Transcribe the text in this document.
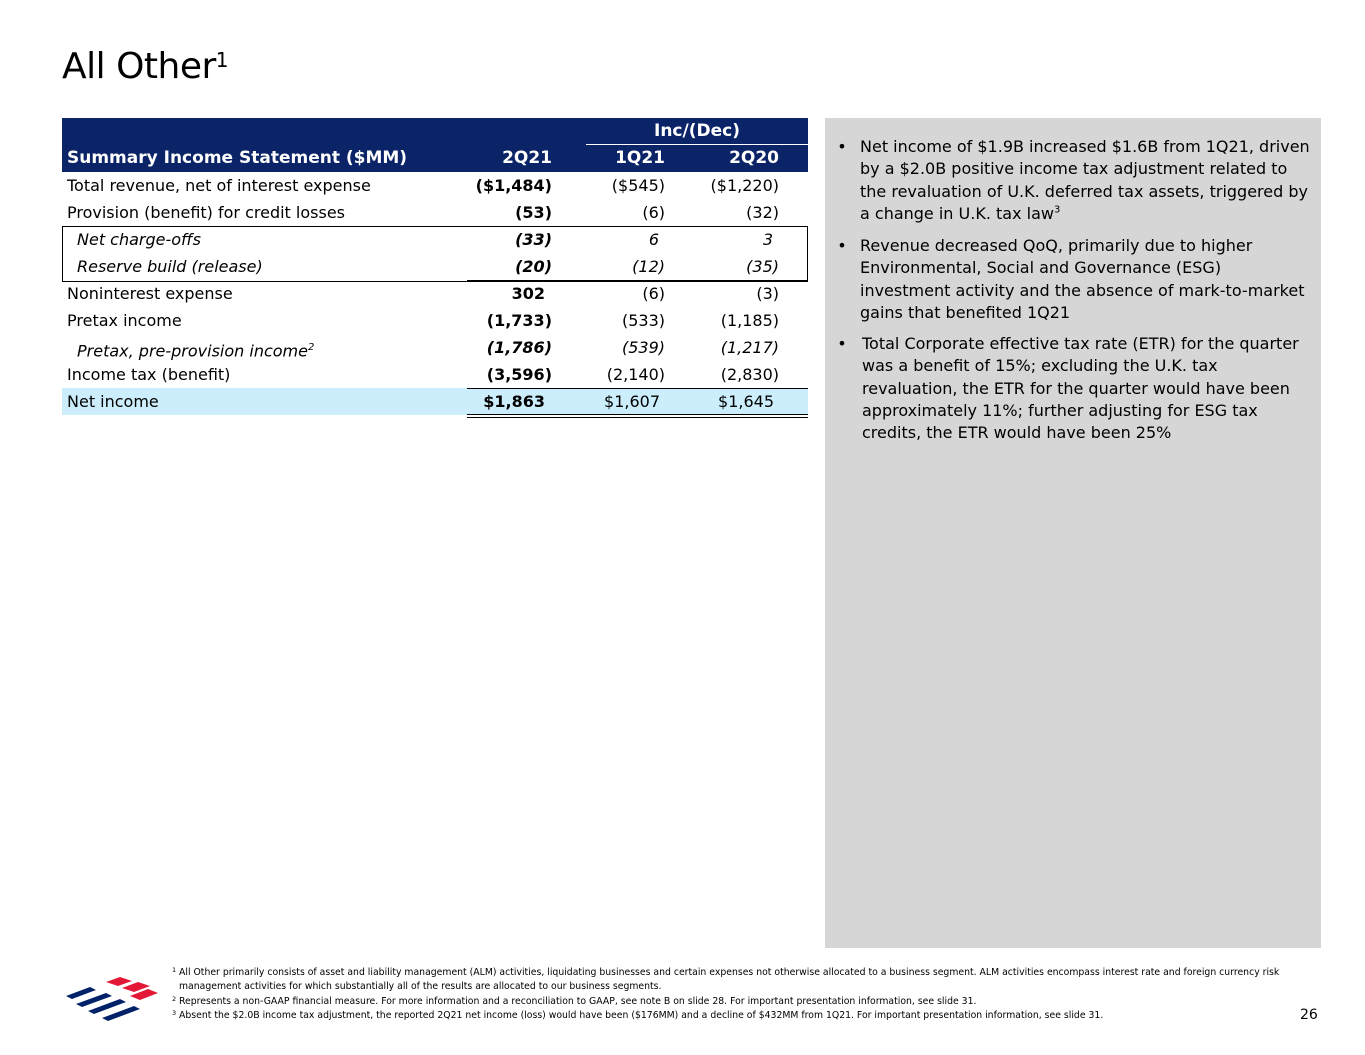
All Other$^1$
Inc/(Dec)
Summary Income Statement ($MM)	2Q21	1Q21	2Q20
Total revenue, net of interest expense	($1,484)	($545)	($1,220)
Provision (benefit) for credit losses	(53)	(6)	(32)
Net charge-offs	(33)	6	3
Reserve build (release)	(20)	(12)	(35)
Noninterest expense	302	(6)	(3)
Pretax income	(1,733)	(533)	(1,185)
Pretax, pre-provision income$^2$	(1,786)	(539)	(1,217)
Income tax (benefit)	(3,596)	(2,140)	(2,830)
Net income	$1,863	$1,607	$1,645
• Net income of $1.9B increased $1.6B from 1Q21, driven by a $2.0B positive income tax adjustment related to the revaluation of U.K. deferred tax assets, triggered by a change in U.K. tax law$^3$
• Revenue decreased QoQ, primarily due to higher Environmental, Social and Governance (ESG) investment activity and the absence of mark-to-market gains that benefited 1Q21
• Total Corporate effective tax rate (ETR) for the quarter was a benefit of 15%; excluding the U.K. tax revaluation, the ETR for the quarter would have been approximately 11%; further adjusting for ESG tax credits, the ETR would have been 25%
1 All Other primarily consists of asset and liability management (ALM) activities, liquidating businesses and certain expenses not otherwise allocated to a business segment. ALM activities encompass interest rate and foreign currency risk management activities for which substantially all of the results are allocated to our business segments.
2 Represents a non-GAAP financial measure. For more information and a reconciliation to GAAP, see note B on slide 28. For important presentation information, see slide 31.
3 Absent the $2.0B income tax adjustment, the reported 2Q21 net income (loss) would have been ($176MM) and a decline of $432MM from 1Q21. For important presentation information, see slide 31.	26
